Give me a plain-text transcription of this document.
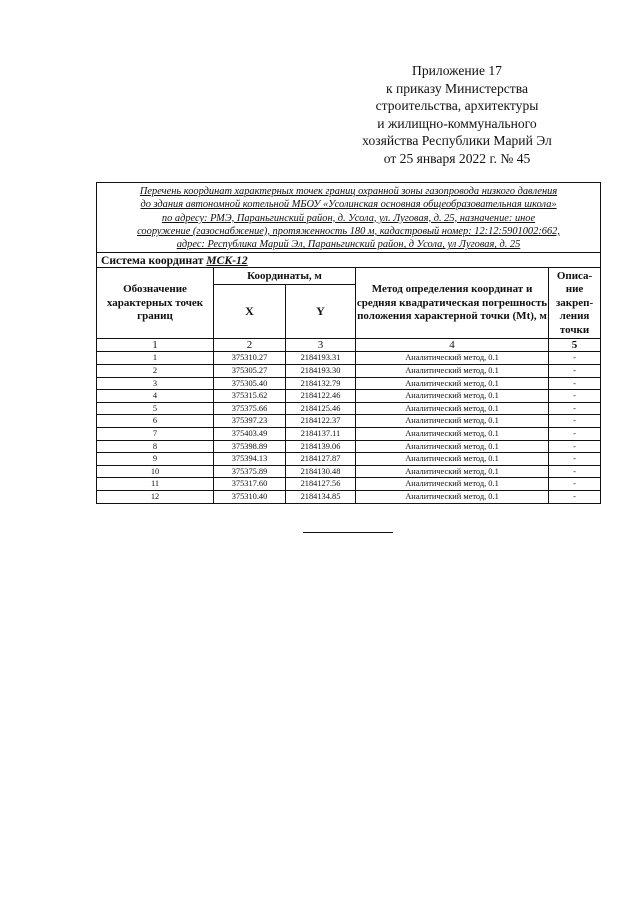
Приложение 17
к приказу Министерства
строительства, архитектуры
и жилищно-коммунального
хозяйства Республики Марий Эл
от 25 января 2022 г. № 45
Перечень координат характерных точек границ охранной зоны газопровода низкого давления
до здания автономной котельной МБОУ «Усолинская основная общеобразовательная школа»
по адресу: РМЭ, Параньгинский район, д. Усола, ул. Луговая, д. 25, назначение: иное
сооружение (газоснабжение), протяженность 180 м, кадастровый номер: 12:12:5901002:662,
адрес: Республика Марий Эл, Параньгинский район, д Усола, ул Луговая, д. 25				

Система координат МСК-12				
Обозначение характерных точек границ	Координаты, м		Метод определения координат и средняя квадратическая погрешность положения характерной точки (Mt), м	Описа-ние закреп-ления точки
	X	Y		
1	2	3	4	5
1	375310.27	2184193.31	Аналитический метод, 0.1	-
2	375305.27	2184193.30	Аналитический метод, 0.1	-
3	375305.40	2184132.79	Аналитический метод, 0.1	-
4	375315.62	2184122.46	Аналитический метод, 0.1	-
5	375375.66	2184125.46	Аналитический метод, 0.1	-
6	375397.23	2184122.37	Аналитический метод, 0.1	-
7	375403.49	2184137.11	Аналитический метод, 0.1	-
8	375398.89	2184139.06	Аналитический метод, 0.1	-
9	375394.13	2184127.87	Аналитический метод, 0.1	-
10	375375.89	2184130.48	Аналитический метод, 0.1	-
11	375317.60	2184127.56	Аналитический метод, 0.1	-
12	375310.40	2184134.85	Аналитический метод, 0.1	-
